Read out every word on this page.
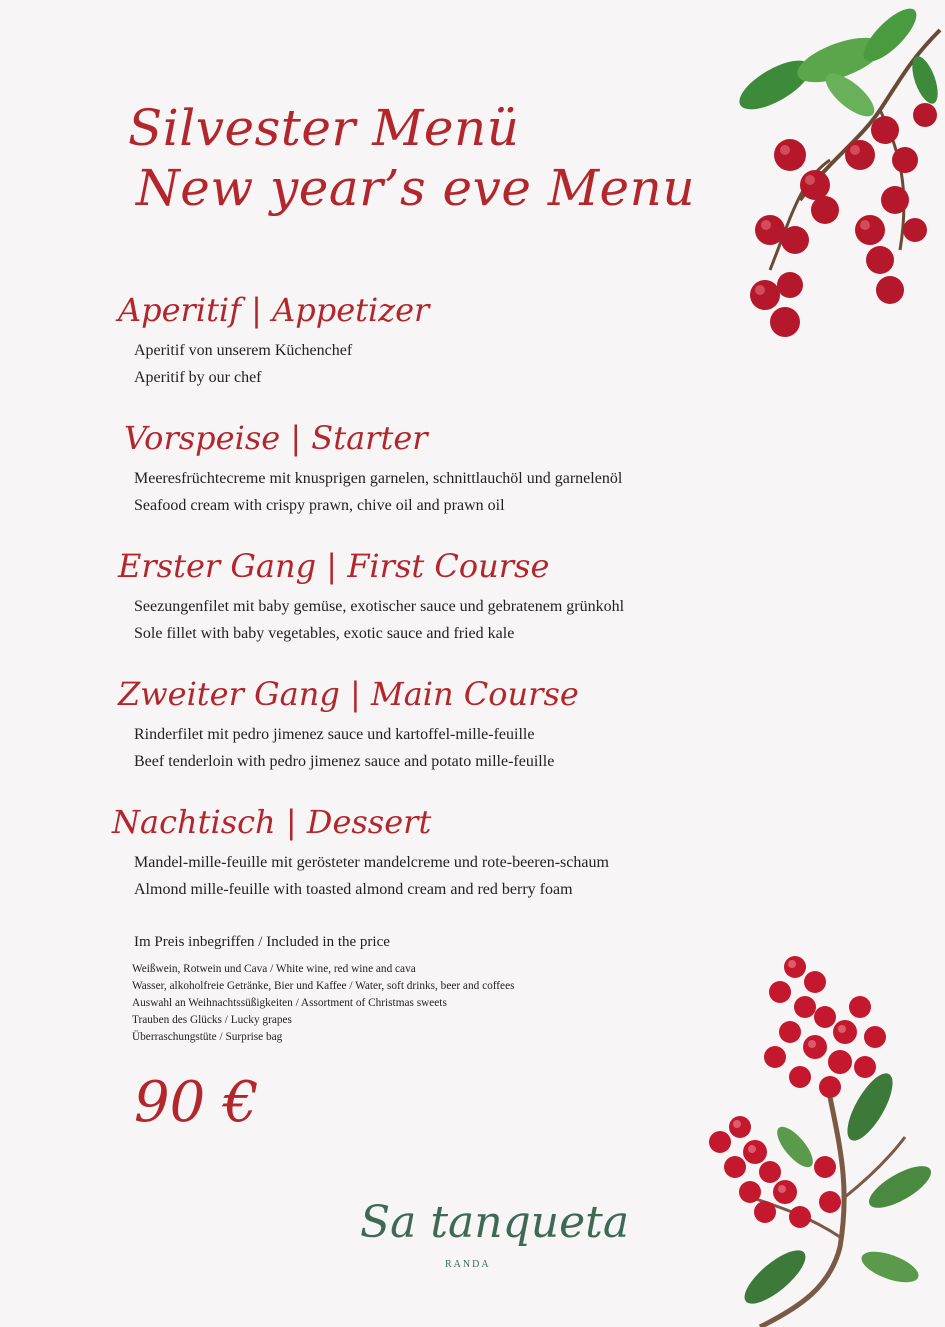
Silvester Menü
New year’s eve Menu
Aperitif | Appetizer
Aperitif von unserem Küchenchef
Aperitif by our chef
Vorspeise | Starter
Meeresfrüchtecreme mit knusprigen garnelen, schnittlauchöl und garnelenöl
Seafood cream with crispy prawn, chive oil and prawn oil
Erster Gang | First Course
Seezungenfilet mit baby gemüse, exotischer sauce und gebratenem grünkohl
Sole fillet with baby vegetables, exotic sauce and fried kale
Zweiter Gang | Main Course
Rinderfilet mit pedro jimenez sauce und kartoffel-mille-feuille
Beef tenderloin with pedro jimenez sauce and potato mille-feuille
Nachtisch | Dessert
Mandel-mille-feuille mit gerösteter mandelcreme und rote-beeren-schaum
Almond mille-feuille with toasted almond cream and red berry foam
Im Preis inbegriffen / Included in the price
Weißwein, Rotwein und Cava / White wine, red wine and cava
Wasser, alkoholfreie Getränke, Bier und Kaffee / Water, soft drinks, beer and coffees
Auswahl an Weihnachtssüßigkeiten / Assortment of Christmas sweets
Trauben des Glücks / Lucky grapes
Überraschungstüte / Surprise bag
90 €
Sa tanqueta
RANDA
